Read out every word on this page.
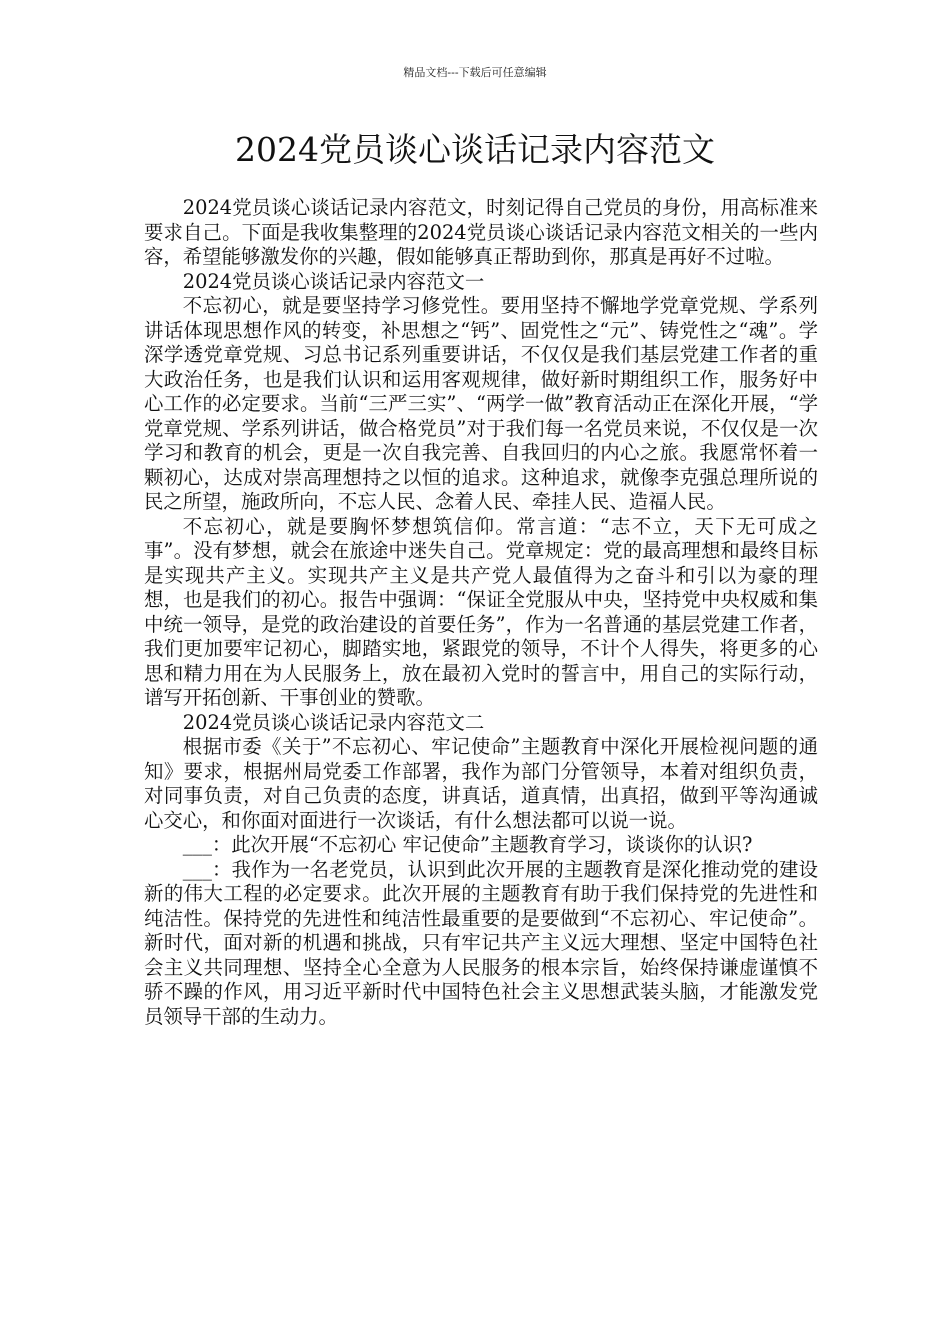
精品文档---下载后可任意编辑
2024党员谈心谈话记录内容范文

2024党员谈心谈话记录内容范文，时刻记得自己党员的身份，用高标准来要求自己。下面是我收集整理的2024党员谈心谈话记录内容范文相关的一些内容，希望能够激发你的兴趣，假如能够真正帮助到你，那真是再好不过啦。

2024党员谈心谈话记录内容范文一

不忘初心，就是要坚持学习修党性。要用坚持不懈地学党章党规、学系列讲话体现思想作风的转变，补思想之“钙”、固党性之“元”、铸党性之“魂”。学深学透党章党规、习总书记系列重要讲话，不仅仅是我们基层党建工作者的重大政治任务，也是我们认识和运用客观规律，做好新时期组织工作，服务好中心工作的必定要求。当前“三严三实”、“两学一做”教育活动正在深化开展，“学党章党规、学系列讲话，做合格党员”对于我们每一名党员来说，不仅仅是一次学习和教育的机会，更是一次自我完善、自我回归的内心之旅。我愿常怀着一颗初心，达成对崇高理想持之以恒的追求。这种追求，就像李克强总理所说的民之所望，施政所向，不忘人民、念着人民、牵挂人民、造福人民。

不忘初心，就是要胸怀梦想筑信仰。常言道：“志不立，天下无可成之事”。没有梦想，就会在旅途中迷失自己。党章规定：党的最高理想和最终目标是实现共产主义。实现共产主义是共产党人最值得为之奋斗和引以为豪的理想，也是我们的初心。报告中强调：“保证全党服从中央，坚持党中央权威和集中统一领导，是党的政治建设的首要任务”，作为一名普通的基层党建工作者，我们更加要牢记初心，脚踏实地，紧跟党的领导，不计个人得失，将更多的心思和精力用在为人民服务上，放在最初入党时的誓言中，用自己的实际行动，谱写开拓创新、干事创业的赞歌。

2024党员谈心谈话记录内容范文二

根据市委《关于”不忘初心、牢记使命”主题教育中深化开展检视问题的通知》要求，根据州局党委工作部署，我作为部门分管领导，本着对组织负责，对同事负责，对自己负责的态度，讲真话，道真情，出真招，做到平等沟通诚心交心，和你面对面进行一次谈话，有什么想法都可以说一说。

___：此次开展“不忘初心 牢记使命”主题教育学习，谈谈你的认识?

___：我作为一名老党员，认识到此次开展的主题教育是深化推动党的建设新的伟大工程的必定要求。此次开展的主题教育有助于我们保持党的先进性和纯洁性。保持党的先进性和纯洁性最重要的是要做到“不忘初心、牢记使命”。新时代，面对新的机遇和挑战，只有牢记共产主义远大理想、坚定中国特色社会主义共同理想、坚持全心全意为人民服务的根本宗旨，始终保持谦虚谨慎不骄不躁的作风，用习近平新时代中国特色社会主义思想武装头脑，才能激发党员领导干部的生动力。
